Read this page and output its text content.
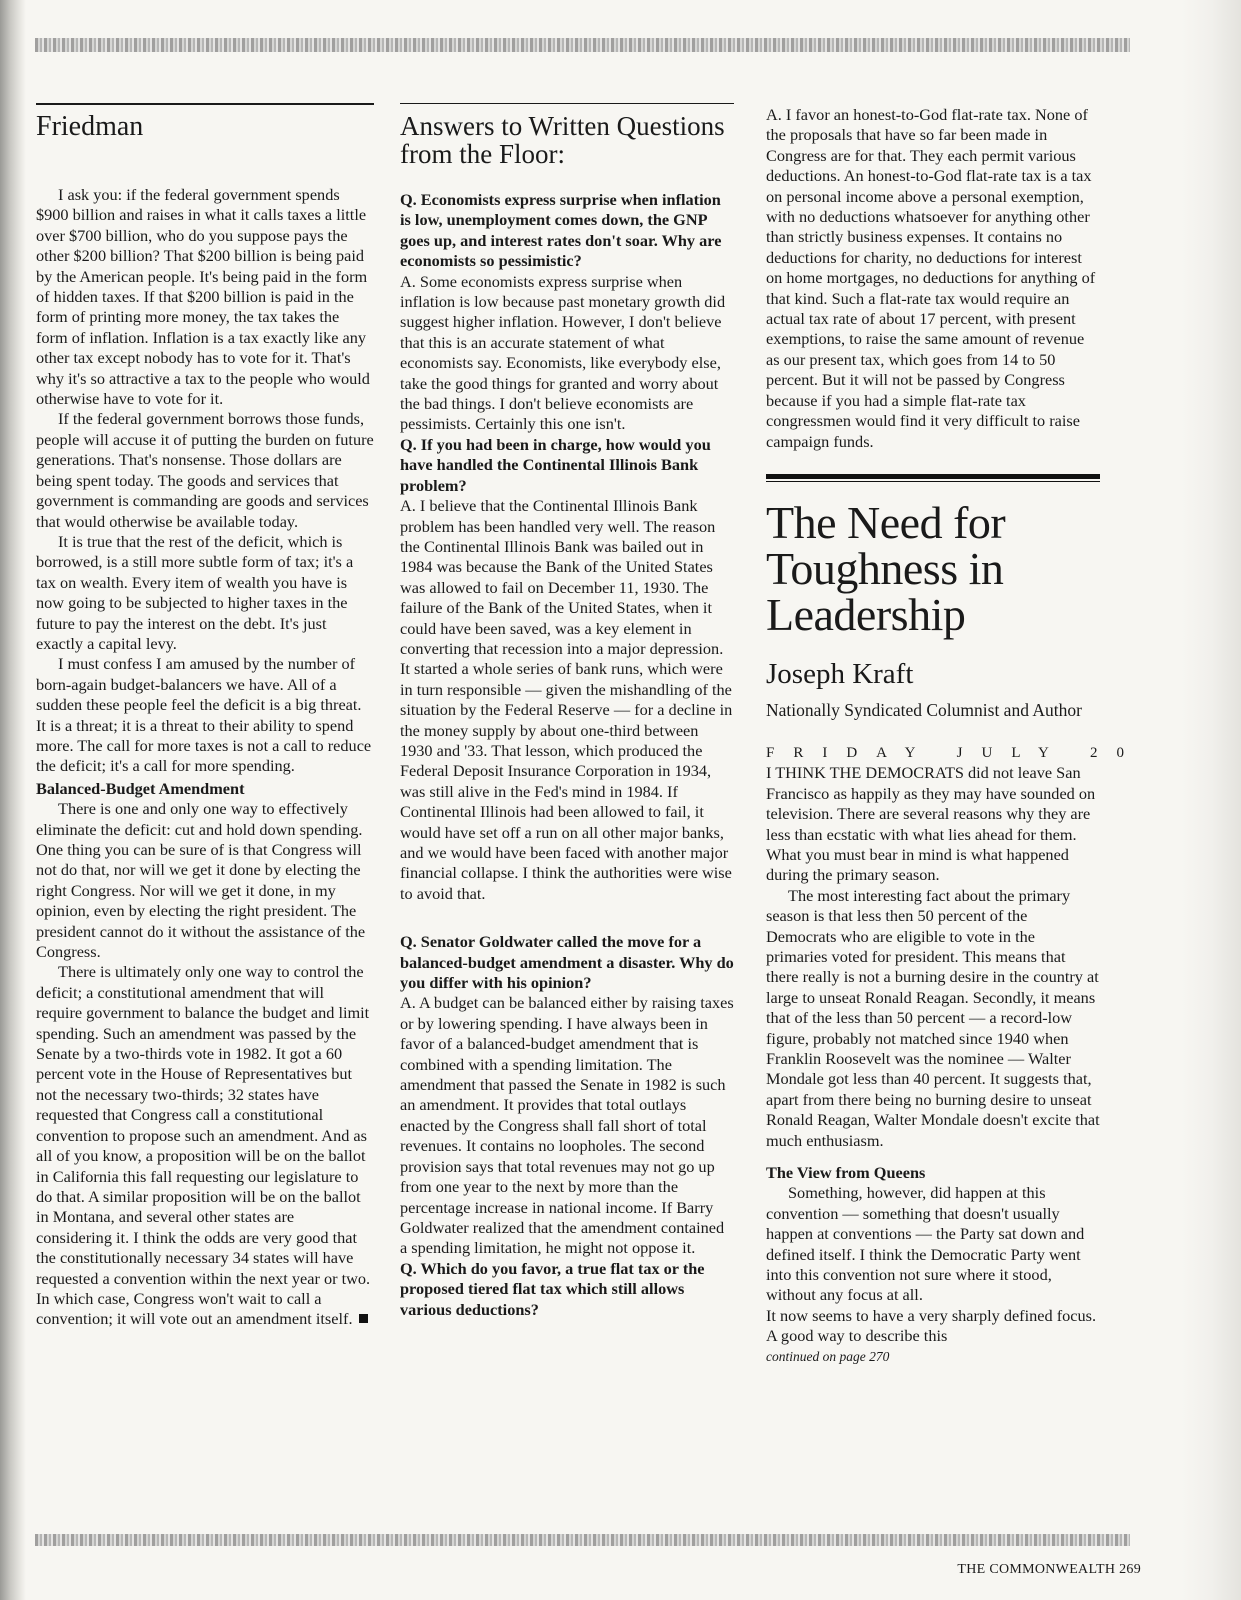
Friedman

I ask you: if the federal government spends $900 billion and raises in what it calls taxes a little over $700 billion, who do you suppose pays the other $200 billion? That $200 billion is being paid by the American people. It's being paid in the form of hidden taxes. If that $200 billion is paid in the form of printing more money, the tax takes the form of inflation. Inflation is a tax exactly like any other tax except nobody has to vote for it. That's why it's so attractive a tax to the people who would otherwise have to vote for it.

If the federal government borrows those funds, people will accuse it of putting the burden on future generations. That's nonsense. Those dollars are being spent today. The goods and services that government is commanding are goods and services that would otherwise be available today.

It is true that the rest of the deficit, which is borrowed, is a still more subtle form of tax; it's a tax on wealth. Every item of wealth you have is now going to be subjected to higher taxes in the future to pay the interest on the debt. It's just exactly a capital levy.

I must confess I am amused by the number of born-again budget-balancers we have. All of a sudden these people feel the deficit is a big threat. It is a threat; it is a threat to their ability to spend more. The call for more taxes is not a call to reduce the deficit; it's a call for more spending.

Balanced-Budget Amendment

There is one and only one way to effectively eliminate the deficit: cut and hold down spending. One thing you can be sure of is that Congress will not do that, nor will we get it done by electing the right Congress. Nor will we get it done, in my opinion, even by electing the right president. The president cannot do it without the assistance of the Congress.

There is ultimately only one way to control the deficit; a constitutional amendment that will require government to balance the budget and limit spending. Such an amendment was passed by the Senate by a two-thirds vote in 1982. It got a 60 percent vote in the House of Representatives but not the necessary two-thirds; 32 states have requested that Congress call a constitutional convention to propose such an amendment. And as all of you know, a proposition will be on the ballot in California this fall requesting our legislature to do that. A similar proposition will be on the ballot in Montana, and several other states are considering it. I think the odds are very good that the constitutionally necessary 34 states will have requested a convention within the next year or two. In which case, Congress won't wait to call a convention; it will vote out an amendment itself.

Answers to Written Questions from the Floor:

Q. Economists express surprise when inflation is low, unemployment comes down, the GNP goes up, and interest rates don't soar. Why are economists so pessimistic?

A. Some economists express surprise when inflation is low because past monetary growth did suggest higher inflation. However, I don't believe that this is an accurate statement of what economists say. Economists, like everybody else, take the good things for granted and worry about the bad things. I don't believe economists are pessimists. Certainly this one isn't.

Q. If you had been in charge, how would you have handled the Continental Illinois Bank problem?

A. I believe that the Continental Illinois Bank problem has been handled very well. The reason the Continental Illinois Bank was bailed out in 1984 was because the Bank of the United States was allowed to fail on December 11, 1930. The failure of the Bank of the United States, when it could have been saved, was a key element in converting that recession into a major depression. It started a whole series of bank runs, which were in turn responsible — given the mishandling of the situation by the Federal Reserve — for a decline in the money supply by about one-third between 1930 and '33. That lesson, which produced the Federal Deposit Insurance Corporation in 1934, was still alive in the Fed's mind in 1984. If Continental Illinois had been allowed to fail, it would have set off a run on all other major banks, and we would have been faced with another major financial collapse. I think the authorities were wise to avoid that.

Q. Senator Goldwater called the move for a balanced-budget amendment a disaster. Why do you differ with his opinion?

A. A budget can be balanced either by raising taxes or by lowering spending. I have always been in favor of a balanced-budget amendment that is combined with a spending limitation. The amendment that passed the Senate in 1982 is such an amendment. It provides that total outlays enacted by the Congress shall fall short of total revenues. It contains no loopholes. The second provision says that total revenues may not go up from one year to the next by more than the percentage increase in national income. If Barry Goldwater realized that the amendment contained a spending limitation, he might not oppose it.

Q. Which do you favor, a true flat tax or the proposed tiered flat tax which still allows various deductions?

A. I favor an honest-to-God flat-rate tax. None of the proposals that have so far been made in Congress are for that. They each permit various deductions. An honest-to-God flat-rate tax is a tax on personal income above a personal exemption, with no deductions whatsoever for anything other than strictly business expenses. It contains no deductions for charity, no deductions for interest on home mortgages, no deductions for anything of that kind. Such a flat-rate tax would require an actual tax rate of about 17 percent, with present exemptions, to raise the same amount of revenue as our present tax, which goes from 14 to 50 percent. But it will not be passed by Congress because if you had a simple flat-rate tax congressmen would find it very difficult to raise campaign funds.

The Need for Toughness in Leadership
Joseph Kraft
Nationally Syndicated Columnist and Author

FRIDAY JULY 20

I THINK THE DEMOCRATS did not leave San Francisco as happily as they may have sounded on television. There are several reasons why they are less than ecstatic with what lies ahead for them. What you must bear in mind is what happened during the primary season.

The most interesting fact about the primary season is that less then 50 percent of the Democrats who are eligible to vote in the primaries voted for president. This means that there really is not a burning desire in the country at large to unseat Ronald Reagan. Secondly, it means that of the less than 50 percent — a record-low figure, probably not matched since 1940 when Franklin Roosevelt was the nominee — Walter Mondale got less than 40 percent. It suggests that, apart from there being no burning desire to unseat Ronald Reagan, Walter Mondale doesn't excite that much enthusiasm.

The View from Queens

Something, however, did happen at this convention — something that doesn't usually happen at conventions — the Party sat down and defined itself. I think the Democratic Party went into this convention not sure where it stood, without any focus at all.

It now seems to have a very sharply defined focus. A good way to describe this

continued on page 270

THE COMMONWEALTH 269
